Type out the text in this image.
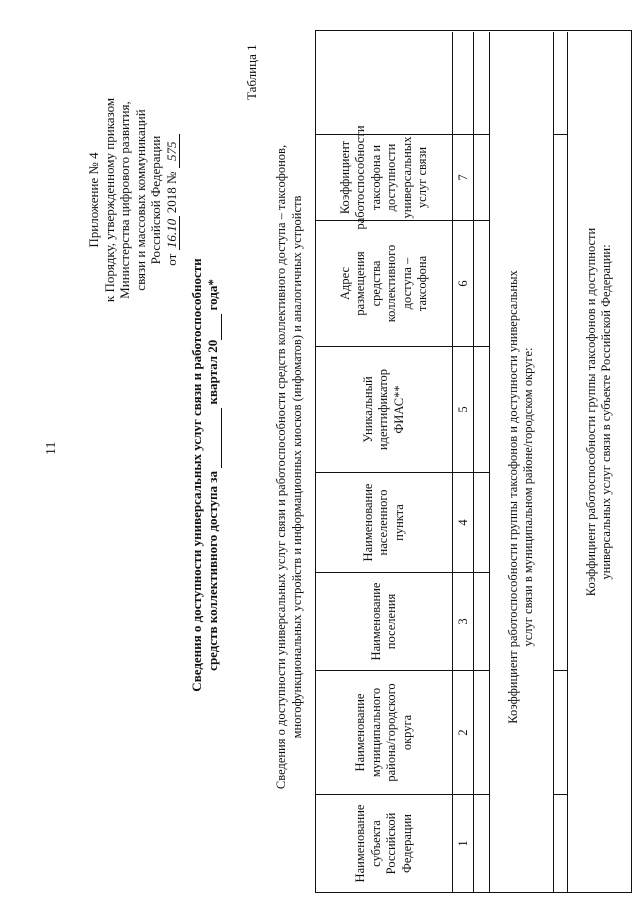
11
Приложение № 4 к Порядку, утвержденному приказом Министерства цифрового развития, связи и массовых коммуникаций Российской Федерации от 16.10 2018 № 575
Таблица 1
Сведения о доступности универсальных услуг связи и работоспособности средств коллективного доступа за   квартал 20  года*	Сведения о доступности универсальных услуг связи и работоспособности средств коллективного доступа – таксофонов, многофункциональных устройств и информационных киосков (инфоматов) и аналогичных устройств
Наименование субъекта Российской Федерации
Наименование муниципального района/городского округа
Наименование поселения
Наименование населенного пункта
Уникальный идентификатор ФИАС**
Адрес размещения средства коллективного доступа – таксофона
Коэффициент работоспособности таксофона и доступности универсальных услуг связи
1
2
3
4
5
6
7
Коэффициент работоспособности группы таксофонов и доступности универсальных услуг связи в муниципальном районе/городском округе:	Коэффициент работоспособности группы таксофонов и доступности универсальных услуг связи в субъекте Российской Федерации:
